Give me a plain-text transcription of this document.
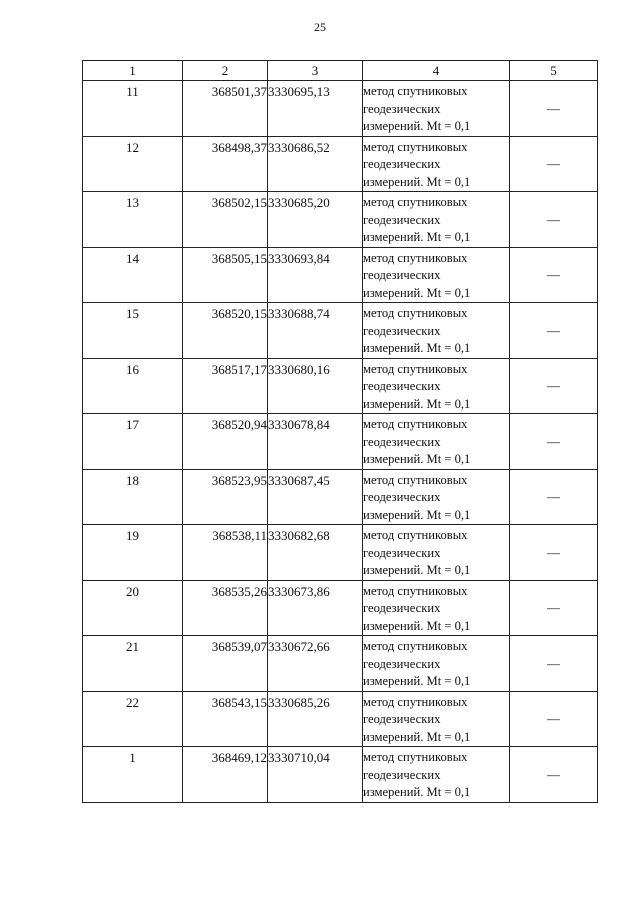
25
1	2	3	4	5
11	368501,37	3330695,13	метод спутниковых
геодезических
измерений. Mt = 0,1	—
12	368498,37	3330686,52	метод спутниковых
геодезических
измерений. Mt = 0,1	—
13	368502,15	3330685,20	метод спутниковых
геодезических
измерений. Mt = 0,1	—
14	368505,15	3330693,84	метод спутниковых
геодезических
измерений. Mt = 0,1	—
15	368520,15	3330688,74	метод спутниковых
геодезических
измерений. Mt = 0,1	—
16	368517,17	3330680,16	метод спутниковых
геодезических
измерений. Mt = 0,1	—
17	368520,94	3330678,84	метод спутниковых
геодезических
измерений. Mt = 0,1	—
18	368523,95	3330687,45	метод спутниковых
геодезических
измерений. Mt = 0,1	—
19	368538,11	3330682,68	метод спутниковых
геодезических
измерений. Mt = 0,1	—
20	368535,26	3330673,86	метод спутниковых
геодезических
измерений. Mt = 0,1	—
21	368539,07	3330672,66	метод спутниковых
геодезических
измерений. Mt = 0,1	—
22	368543,15	3330685,26	метод спутниковых
геодезических
измерений. Mt = 0,1	—
1	368469,12	3330710,04	метод спутниковых
геодезических
измерений. Mt = 0,1	—
